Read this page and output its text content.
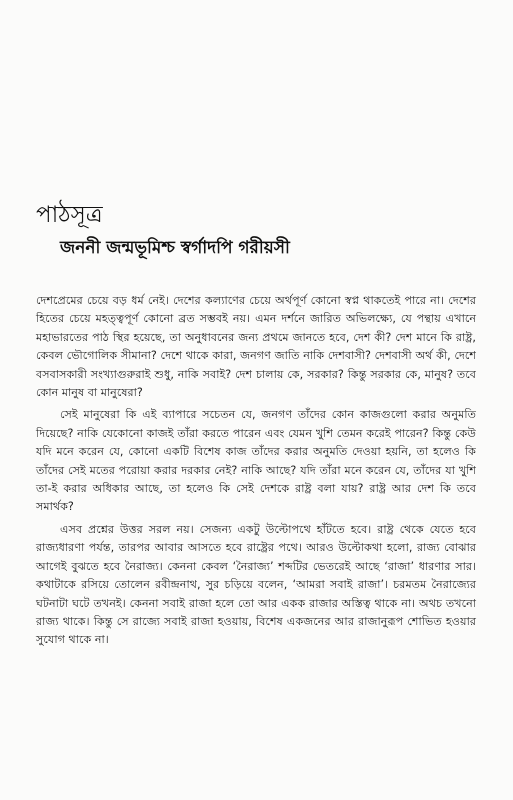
পাঠসূত্র
জননী জন্মভূমিশ্চ স্বর্গাদপি গরীয়সী

দেশপ্রেমের চেয়ে বড় ধর্ম নেই। দেশের কল্যাণের চেয়ে অর্থপূর্ণ কোনো স্বপ্ন থাকতেই পারে না। দেশের হিতের চেয়ে মহত্ত্বপূর্ণ কোনো ব্রত সম্ভবই নয়। এমন দর্শনে জারিত অভিলক্ষ্যে, যে পন্থায় এখানে মহাভারতের পাঠ স্থির হয়েছে, তা অনুধাবনের জন্য প্রথমে জানতে হবে, দেশ কী? দেশ মানে কি রাষ্ট্র, কেবল ভৌগোলিক সীমানা? দেশে থাকে কারা, জনগণ জাতি নাকি দেশবাসী? দেশবাসী অর্থ কী, দেশে বসবাসকারী সংখ্যাগুরুরাই শুধু, নাকি সবাই? দেশ চালায় কে, সরকার? কিন্তু সরকার কে, মানুষ? তবে কোন মানুষ বা মানুষেরা?

সেই মানুষেরা কি এই ব্যাপারে সচেতন যে, জনগণ তাঁদের কোন কাজগুলো করার অনুমতি দিয়েছে? নাকি যেকোনো কাজই তাঁরা করতে পারেন এবং যেমন খুশি তেমন করেই পারেন? কিন্তু কেউ যদি মনে করেন যে, কোনো একটি বিশেষ কাজ তাঁদের করার অনুমতি দেওয়া হয়নি, তা হলেও কি তাঁদের সেই মতের পরোয়া করার দরকার নেই? নাকি আছে? যদি তাঁরা মনে করেন যে, তাঁদের যা খুশি তা-ই করার অধিকার আছে, তা হলেও কি সেই দেশকে রাষ্ট্র বলা যায়? রাষ্ট্র আর দেশ কি তবে সমার্থক?

এসব প্রশ্নের উত্তর সরল নয়। সেজন্য একটু উল্টোপথে হাঁটতে হবে। রাষ্ট্র থেকে যেতে হবে রাজ্যধারণা পর্যন্ত, তারপর আবার আসতে হবে রাষ্ট্রের পথে। আরও উল্টোকথা হলো, রাজ্য বোঝার আগেই বুঝতে হবে নৈরাজ্য। কেননা কেবল ‘নৈরাজ্য’ শব্দটির ভেতরেই আছে ‘রাজা’ ধারণার সার। কথাটাকে রসিয়ে তোলেন রবীন্দ্রনাথ, সুর চড়িয়ে বলেন, ‘আমরা সবাই রাজা’। চরমতম নৈরাজ্যের ঘটনাটা ঘটে তখনই। কেননা সবাই রাজা হলে তো আর একক রাজার অস্তিত্ব থাকে না। অথচ তখনো রাজ্য থাকে। কিন্তু সে রাজ্যে সবাই রাজা হওয়ায়, বিশেষ একজনের আর রাজানুরূপ শোভিত হওয়ার সুযোগ থাকে না।
